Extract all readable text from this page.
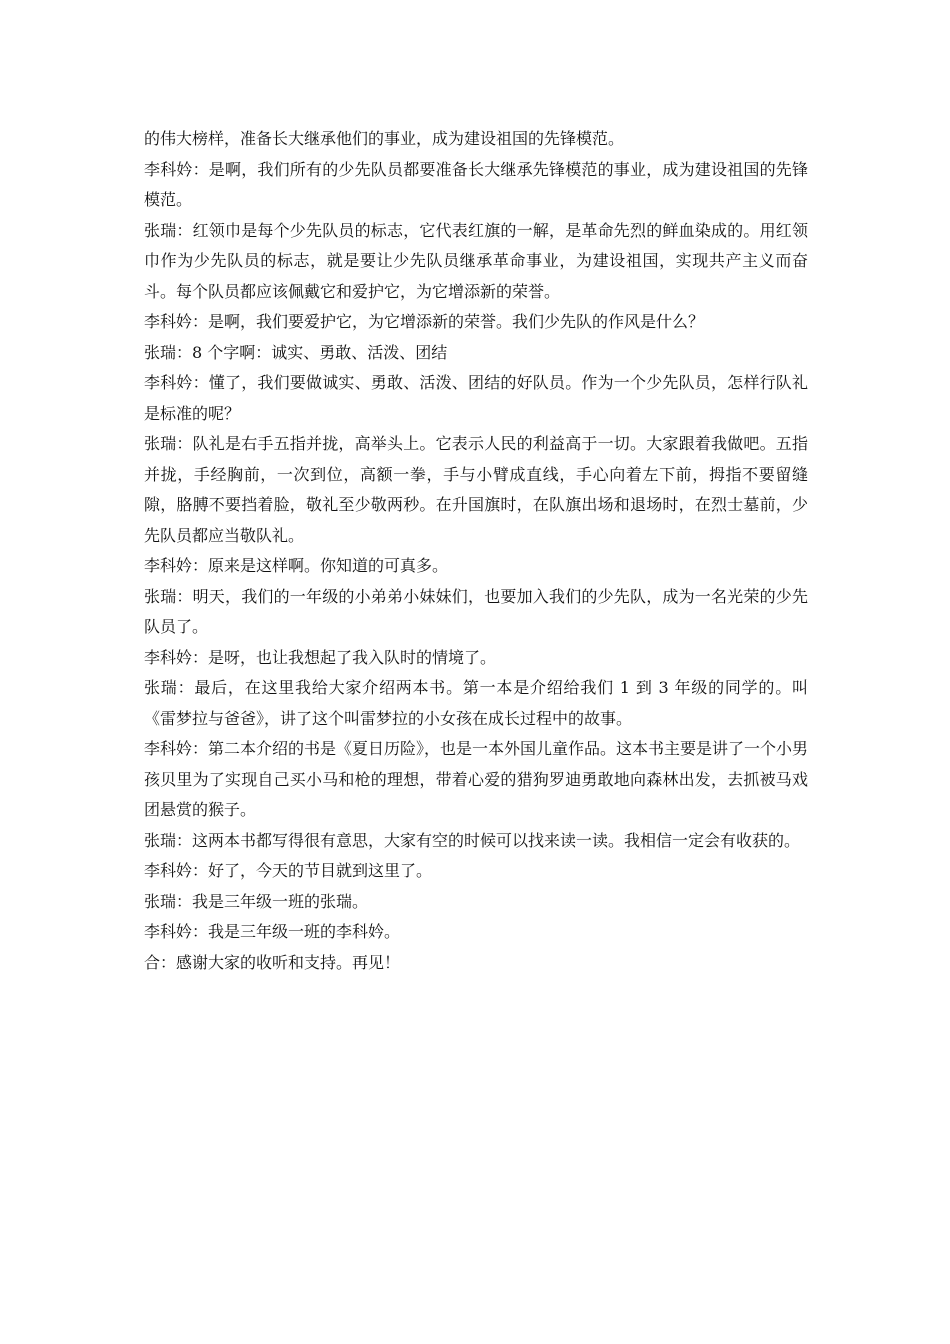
的伟大榜样，准备长大继承他们的事业，成为建设祖国的先锋模范。

李科妗：是啊，我们所有的少先队员都要准备长大继承先锋模范的事业，成为建设祖国的先锋模范。

张瑞：红领巾是每个少先队员的标志，它代表红旗的一解，是革命先烈的鲜血染成的。用红领巾作为少先队员的标志，就是要让少先队员继承革命事业，为建设祖国，实现共产主义而奋斗。每个队员都应该佩戴它和爱护它，为它增添新的荣誉。

李科妗：是啊，我们要爱护它，为它增添新的荣誉。我们少先队的作风是什么？

张瑞：8 个字啊：诚实、勇敢、活泼、团结

李科妗：懂了，我们要做诚实、勇敢、活泼、团结的好队员。作为一个少先队员，怎样行队礼是标准的呢？

张瑞：队礼是右手五指并拢，高举头上。它表示人民的利益高于一切。大家跟着我做吧。五指并拢，手经胸前，一次到位，高额一拳，手与小臂成直线，手心向着左下前，拇指不要留缝隙，胳膊不要挡着脸，敬礼至少敬两秒。在升国旗时，在队旗出场和退场时，在烈士墓前，少先队员都应当敬队礼。

李科妗：原来是这样啊。你知道的可真多。

张瑞：明天，我们的一年级的小弟弟小妹妹们，也要加入我们的少先队，成为一名光荣的少先队员了。

李科妗：是呀，也让我想起了我入队时的情境了。

张瑞：最后，在这里我给大家介绍两本书。第一本是介绍给我们 1 到 3 年级的同学的。叫《雷梦拉与爸爸》，讲了这个叫雷梦拉的小女孩在成长过程中的故事。

李科妗：第二本介绍的书是《夏日历险》，也是一本外国儿童作品。这本书主要是讲了一个小男孩贝里为了实现自己买小马和枪的理想，带着心爱的猎狗罗迪勇敢地向森林出发，去抓被马戏团悬赏的猴子。

张瑞：这两本书都写得很有意思，大家有空的时候可以找来读一读。我相信一定会有收获的。

李科妗：好了，今天的节目就到这里了。

张瑞：我是三年级一班的张瑞。

李科妗：我是三年级一班的李科妗。

合：感谢大家的收听和支持。再见！
